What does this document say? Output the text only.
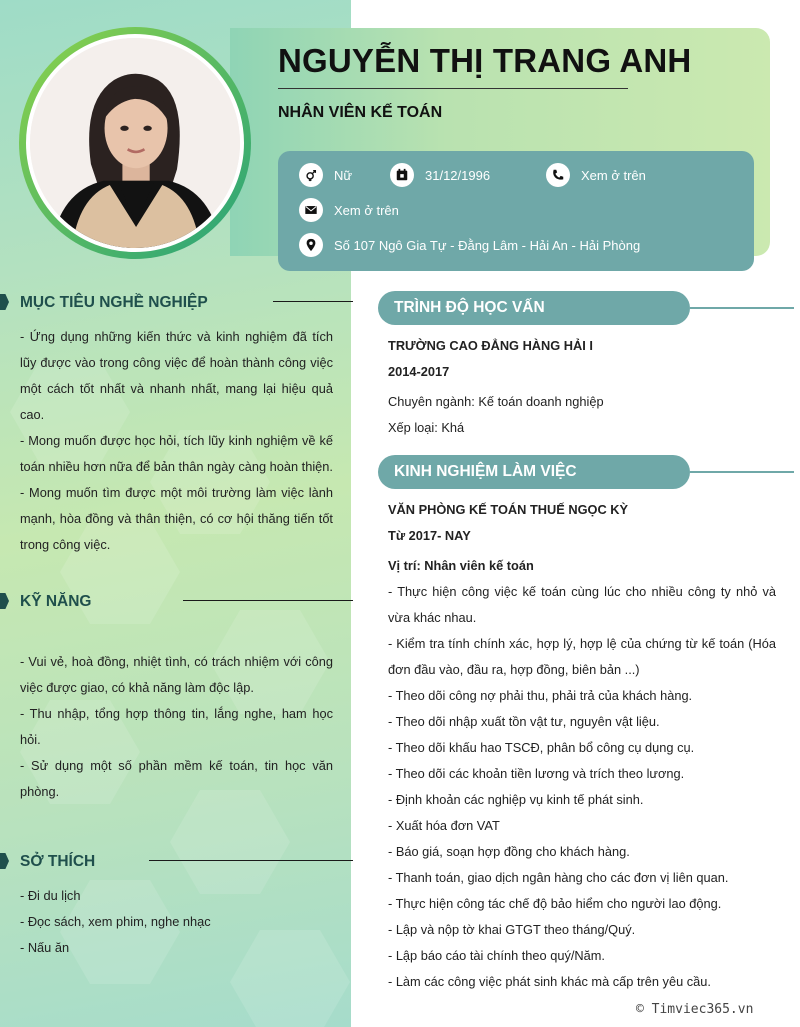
NGUYỄN THỊ TRANG ANH
NHÂN VIÊN KẾ TOÁN
Nữ	31/12/1996	Xem ở trên
Xem ở trên
Số 107 Ngô Gia Tự - Đằng Lâm - Hải An - Hải Phòng
MỤC TIÊU NGHỀ NGHIỆP

- Ứng dụng những kiến thức và kinh nghiệm đã tích lũy được vào trong công việc để hoàn thành công việc một cách tốt nhất và nhanh nhất, mang lại hiệu quả cao.

- Mong muốn được học hỏi, tích lũy kinh nghiệm về kế toán nhiều hơn nữa để bản thân ngày càng hoàn thiện.

- Mong muốn tìm được một môi trường làm việc lành mạnh, hòa đồng và thân thiện, có cơ hội thăng tiến tốt trong công việc.

KỸ NĂNG

- Vui vẻ, hoà đồng, nhiệt tình, có trách nhiệm với công việc được giao, có khả năng làm độc lập.

- Thu nhập, tổng hợp thông tin, lắng nghe, ham học hỏi.

- Sử dụng một số phần mềm kế toán, tin học văn phòng.

SỞ THÍCH

- Đi du lịch

- Đọc sách, xem phim, nghe nhạc

- Nấu ăn

TRÌNH ĐỘ HỌC VẤN

TRƯỜNG CAO ĐẲNG HÀNG HẢI I

2014-2017

Chuyên ngành: Kế toán doanh nghiệp

Xếp loại: Khá

KINH NGHIỆM LÀM VIỆC

VĂN PHÒNG KẾ TOÁN THUẾ NGỌC KỲ

Từ 2017- NAY

Vị trí: Nhân viên kế toán

- Thực hiện công việc kế toán cùng lúc cho nhiều công ty nhỏ và vừa khác nhau.

- Kiểm tra tính chính xác, hợp lý, hợp lệ của chứng từ kế toán (Hóa đơn đầu vào, đầu ra, hợp đồng, biên bản ...)

- Theo dõi công nợ phải thu, phải trả của khách hàng.

- Theo dõi nhập xuất tồn vật tư, nguyên vật liệu.

- Theo dõi khấu hao TSCĐ, phân bổ công cụ dụng cụ.

- Theo dõi các khoản tiền lương và trích theo lương.

- Định khoản các nghiệp vụ kinh tế phát sinh.

- Xuất hóa đơn VAT

- Báo giá, soạn hợp đồng cho khách hàng.

- Thanh toán, giao dịch ngân hàng cho các đơn vị liên quan.

- Thực hiện công tác chế độ bảo hiểm cho người lao động.

- Lập và nộp tờ khai GTGT theo tháng/Quý.

- Lập báo cáo tài chính theo quý/Năm.

- Làm các công việc phát sinh khác mà cấp trên yêu cầu.

© Timviec365.vn
